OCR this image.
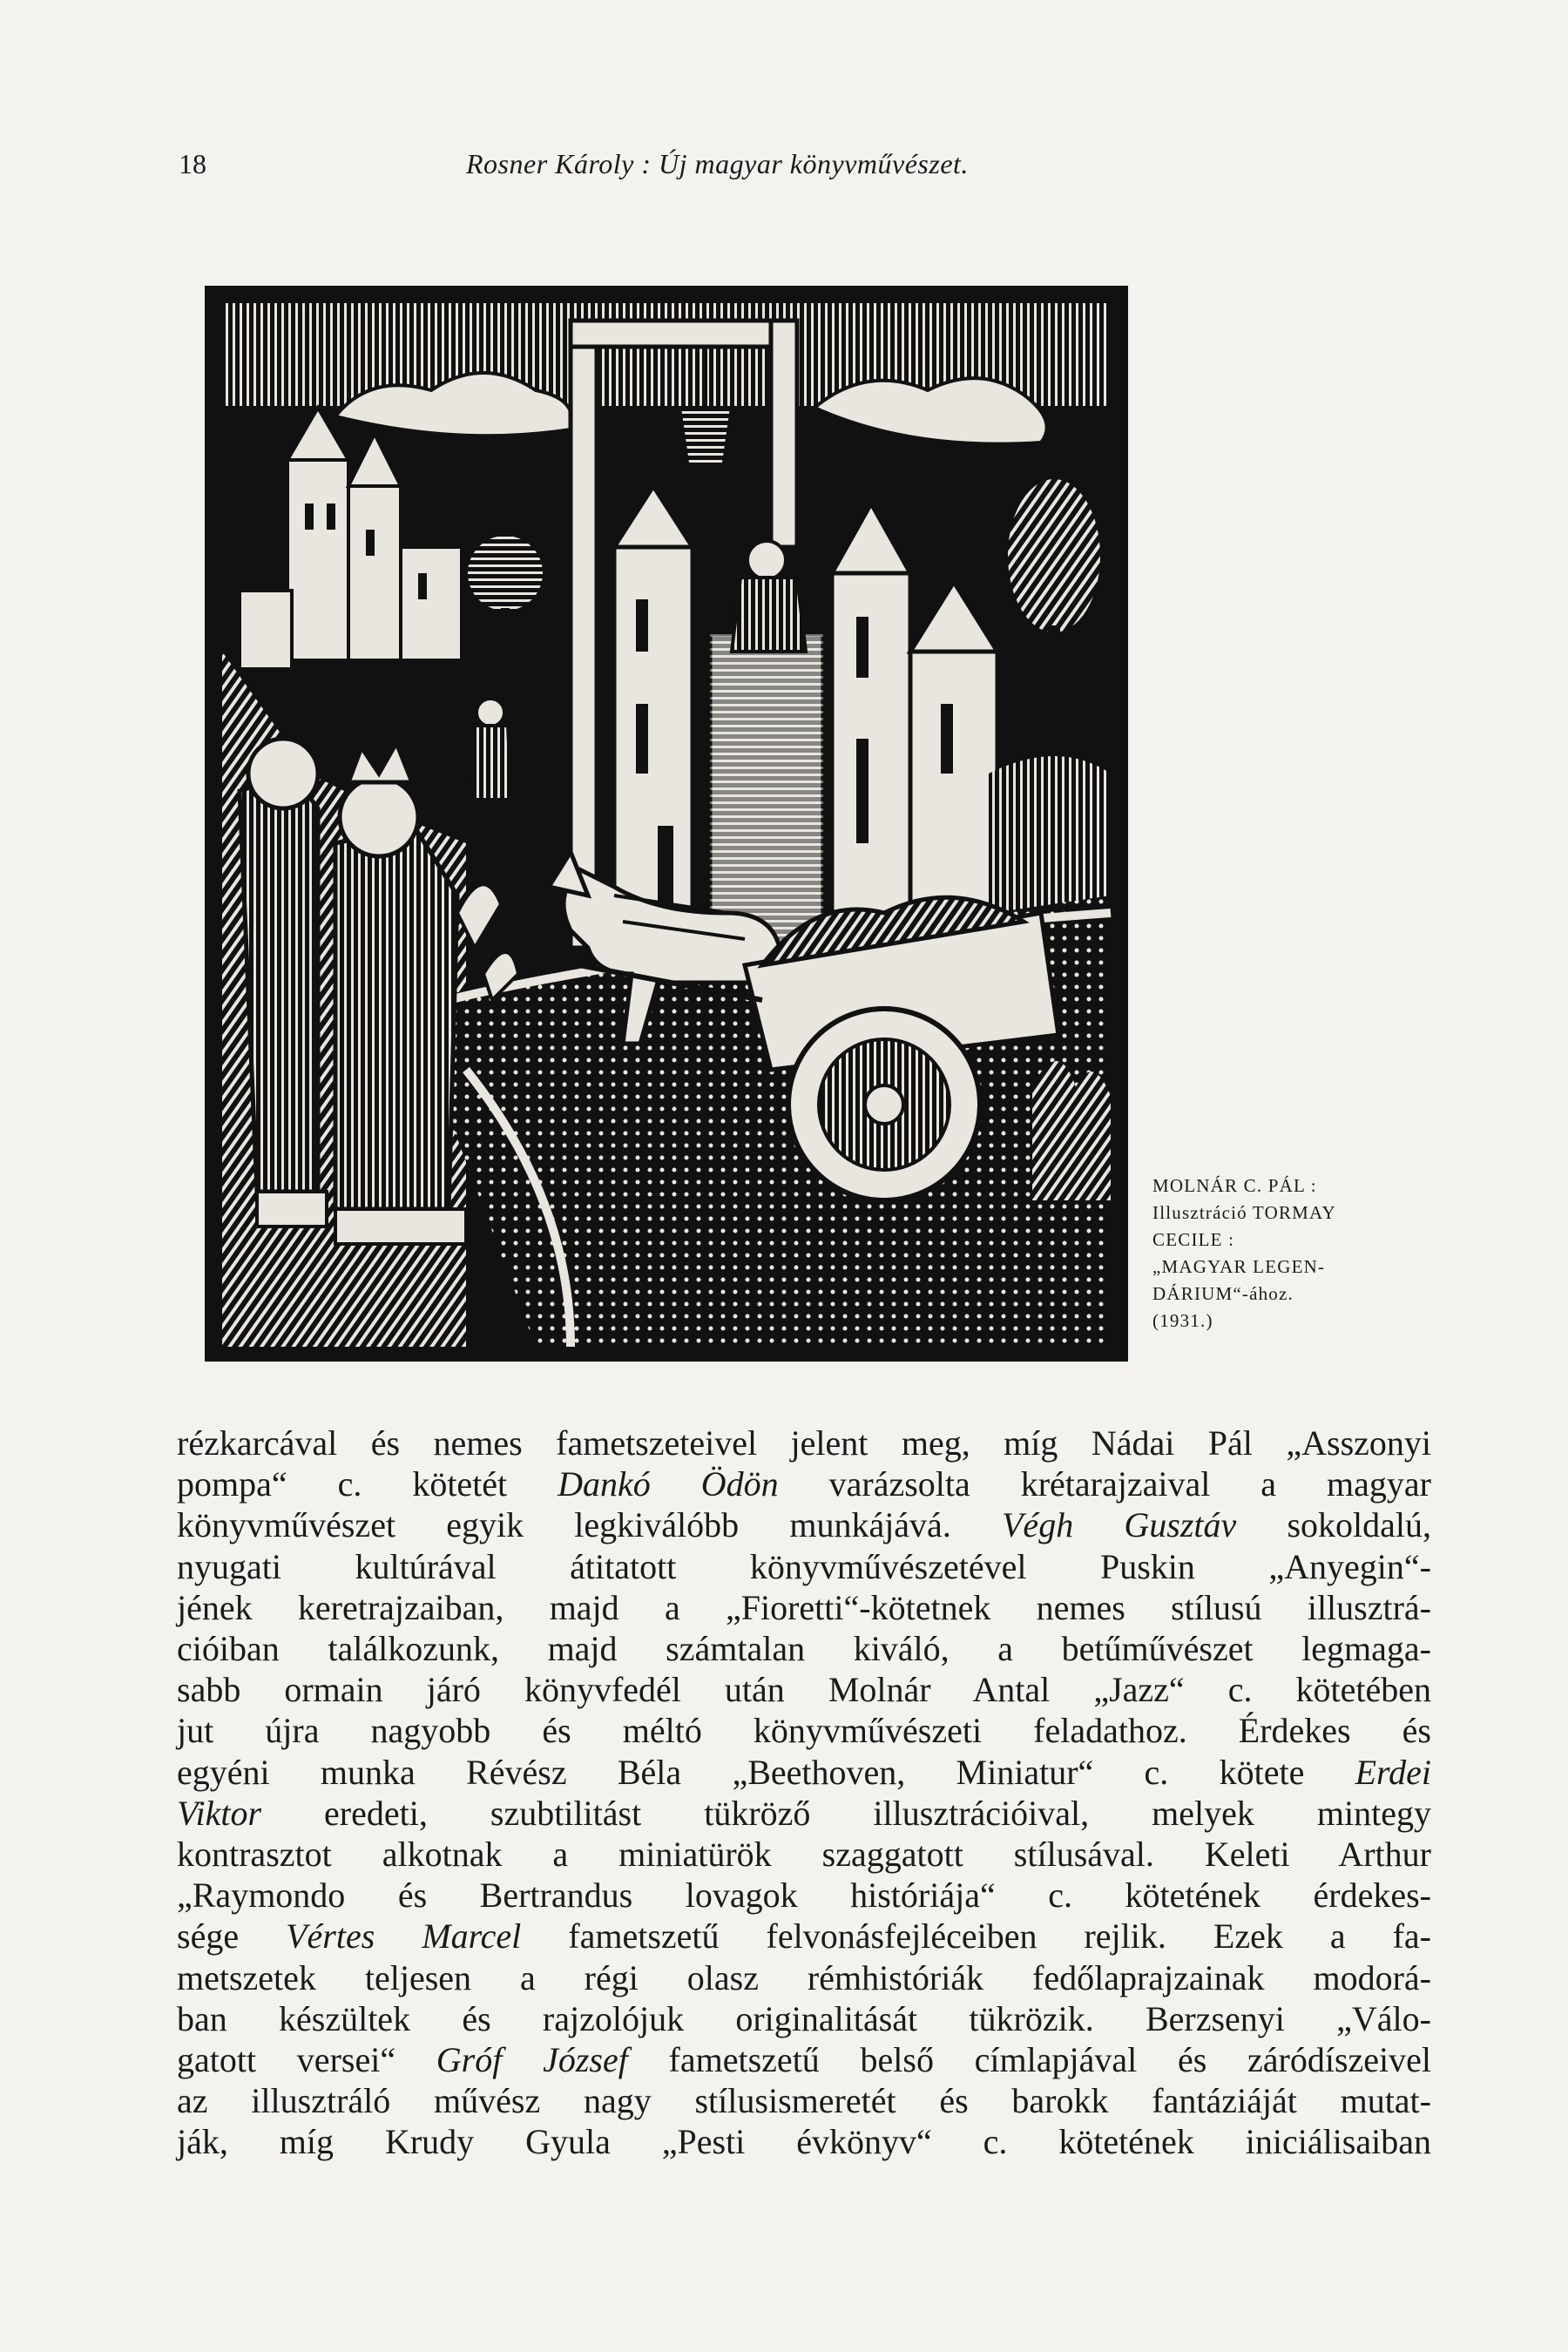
18	Rosner Károly : Új magyar könyvművészet.
MOLNÁR C. PÁL :
Illusztráció TORMAY
CECILE :
„MAGYAR LEGEN-
DÁRIUM“-ához.
(1931.)
rézkarcával és nemes fametszeteivel jelent meg, míg Nádai Pál „Asszonyi
pompa“ c. kötetét Dankó Ödön varázsolta krétarajzaival a magyar
könyvművészet egyik legkiválóbb munkájává. Végh Gusztáv sokoldalú,
nyugati kultúrával átitatott könyvművészetével Puskin „Anyegin“-
jének keretrajzaiban, majd a „Fioretti“-kötetnek nemes stílusú illusztrá-
cióiban találkozunk, majd számtalan kiváló, a betűművészet legmaga-
sabb ormain járó könyvfedél után Molnár Antal „Jazz“ c. kötetében
jut újra nagyobb és méltó könyvművészeti feladathoz. Érdekes és
egyéni munka Révész Béla „Beethoven, Miniatur“ c. kötete Erdei
Viktor eredeti, szubtilitást tükröző illusztrációival, melyek mintegy
kontrasztot alkotnak a miniatürök szaggatott stílusával. Keleti Arthur
„Raymondo és Bertrandus lovagok históriája“ c. kötetének érdekes-
sége Vértes Marcel fametszetű felvonásfejléceiben rejlik. Ezek a fa-
metszetek teljesen a régi olasz rémhistóriák fedőlaprajzainak modorá-
ban készültek és rajzolójuk originalitását tükrözik. Berzsenyi „Válo-
gatott versei“ Gróf József fametszetű belső címlapjával és záródíszeivel
az illusztráló művész nagy stílusismeretét és barokk fantáziáját mutat-
ják, míg Krudy Gyula „Pesti évkönyv“ c. kötetének iniciálisaiban
